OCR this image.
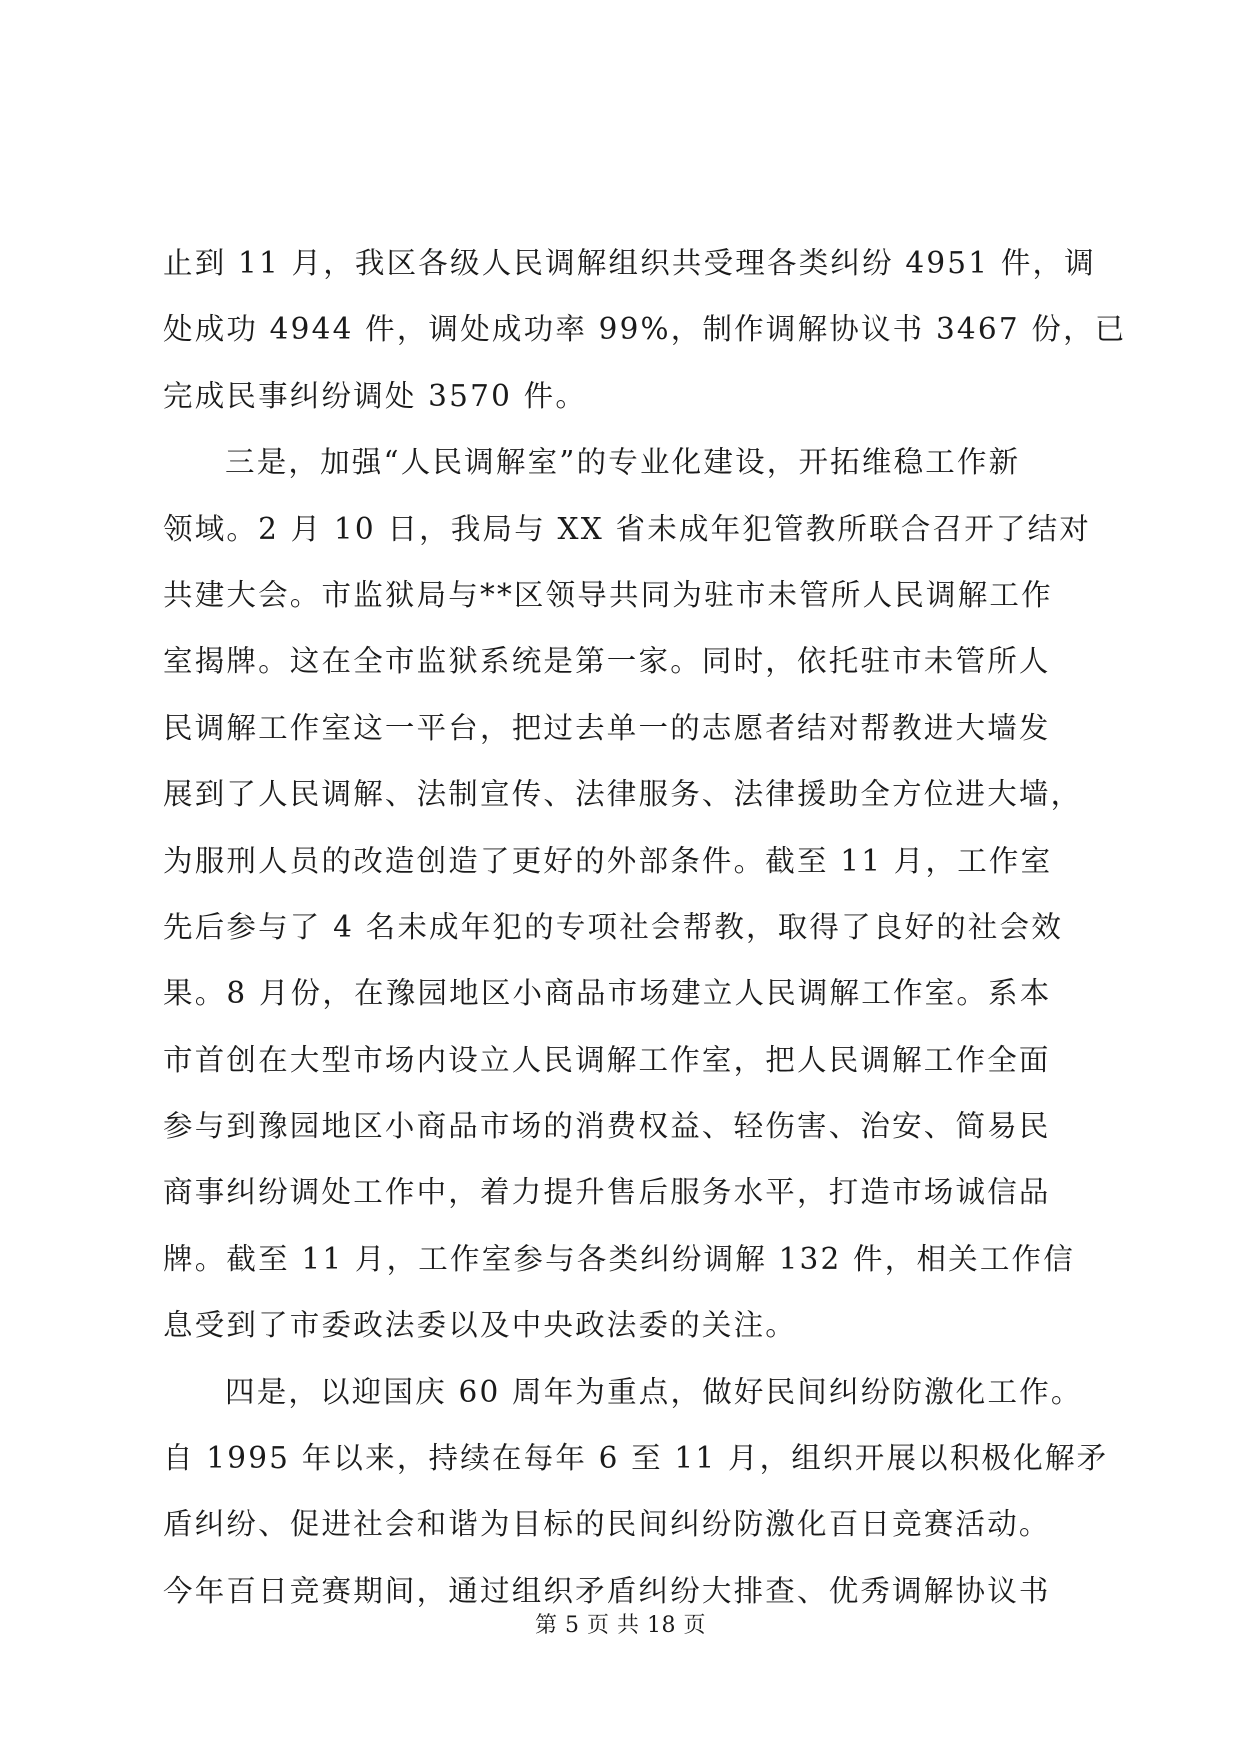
止到 11 月，我区各级人民调解组织共受理各类纠纷 4951 件，调
处成功 4944 件，调处成功率 99%，制作调解协议书 3467 份，已
完成民事纠纷调处 3570 件。
三是，加强“人民调解室”的专业化建设，开拓维稳工作新
领域。2 月 10 日，我局与 XX 省未成年犯管教所联合召开了结对
共建大会。市监狱局与**区领导共同为驻市未管所人民调解工作
室揭牌。这在全市监狱系统是第一家。同时，依托驻市未管所人
民调解工作室这一平台，把过去单一的志愿者结对帮教进大墙发
展到了人民调解、法制宣传、法律服务、法律援助全方位进大墙，
为服刑人员的改造创造了更好的外部条件。截至 11 月，工作室
先后参与了 4 名未成年犯的专项社会帮教，取得了良好的社会效
果。8 月份，在豫园地区小商品市场建立人民调解工作室。系本
市首创在大型市场内设立人民调解工作室，把人民调解工作全面
参与到豫园地区小商品市场的消费权益、轻伤害、治安、简易民
商事纠纷调处工作中，着力提升售后服务水平，打造市场诚信品
牌。截至 11 月，工作室参与各类纠纷调解 132 件，相关工作信
息受到了市委政法委以及中央政法委的关注。
四是，以迎国庆 60 周年为重点，做好民间纠纷防激化工作。
自 1995 年以来，持续在每年 6 至 11 月，组织开展以积极化解矛
盾纠纷、促进社会和谐为目标的民间纠纷防激化百日竞赛活动。
今年百日竞赛期间，通过组织矛盾纠纷大排查、优秀调解协议书
第 5 页 共 18 页
